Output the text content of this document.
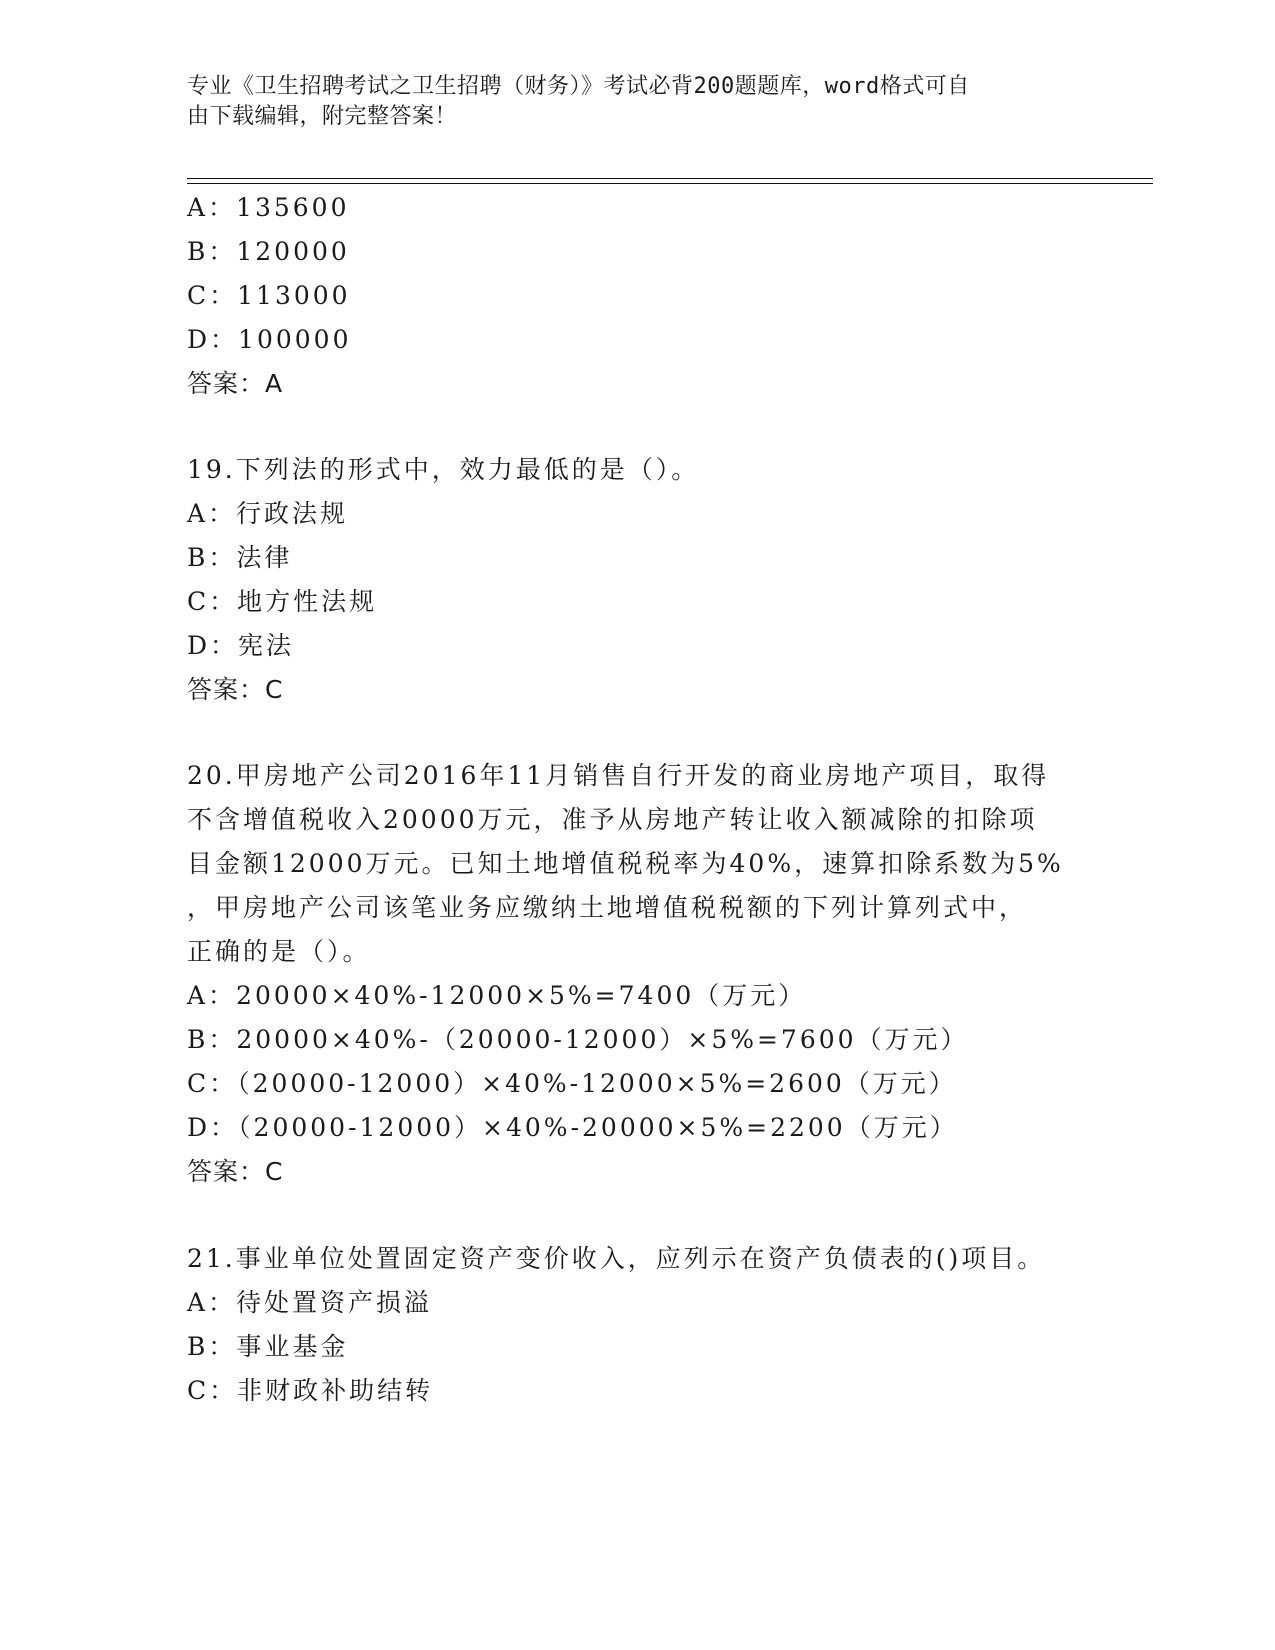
专业《卫生招聘考试之卫生招聘（财务）》考试必背200题题库，word格式可自
由下载编辑，附完整答案！
A：135600
B：120000
C：113000
D：100000
答案：A
19.下列法的形式中，效力最低的是（）。
A：行政法规
B：法律
C：地方性法规
D：宪法
答案：C
20.甲房地产公司2016年11月销售自行开发的商业房地产项目，取得
不含增值税收入20000万元，准予从房地产转让收入额减除的扣除项
目金额12000万元。已知土地增值税税率为40%，速算扣除系数为5%
，甲房地产公司该笔业务应缴纳土地增值税税额的下列计算列式中，
正确的是（）。
A：20000×40%-12000×5%=7400（万元）
B：20000×40%-（20000-12000）×5%=7600（万元）
C：（20000-12000）×40%-12000×5%=2600（万元）
D：（20000-12000）×40%-20000×5%=2200（万元）
答案：C
21.事业单位处置固定资产变价收入，应列示在资产负债表的()项目。
A：待处置资产损溢
B：事业基金
C：非财政补助结转
